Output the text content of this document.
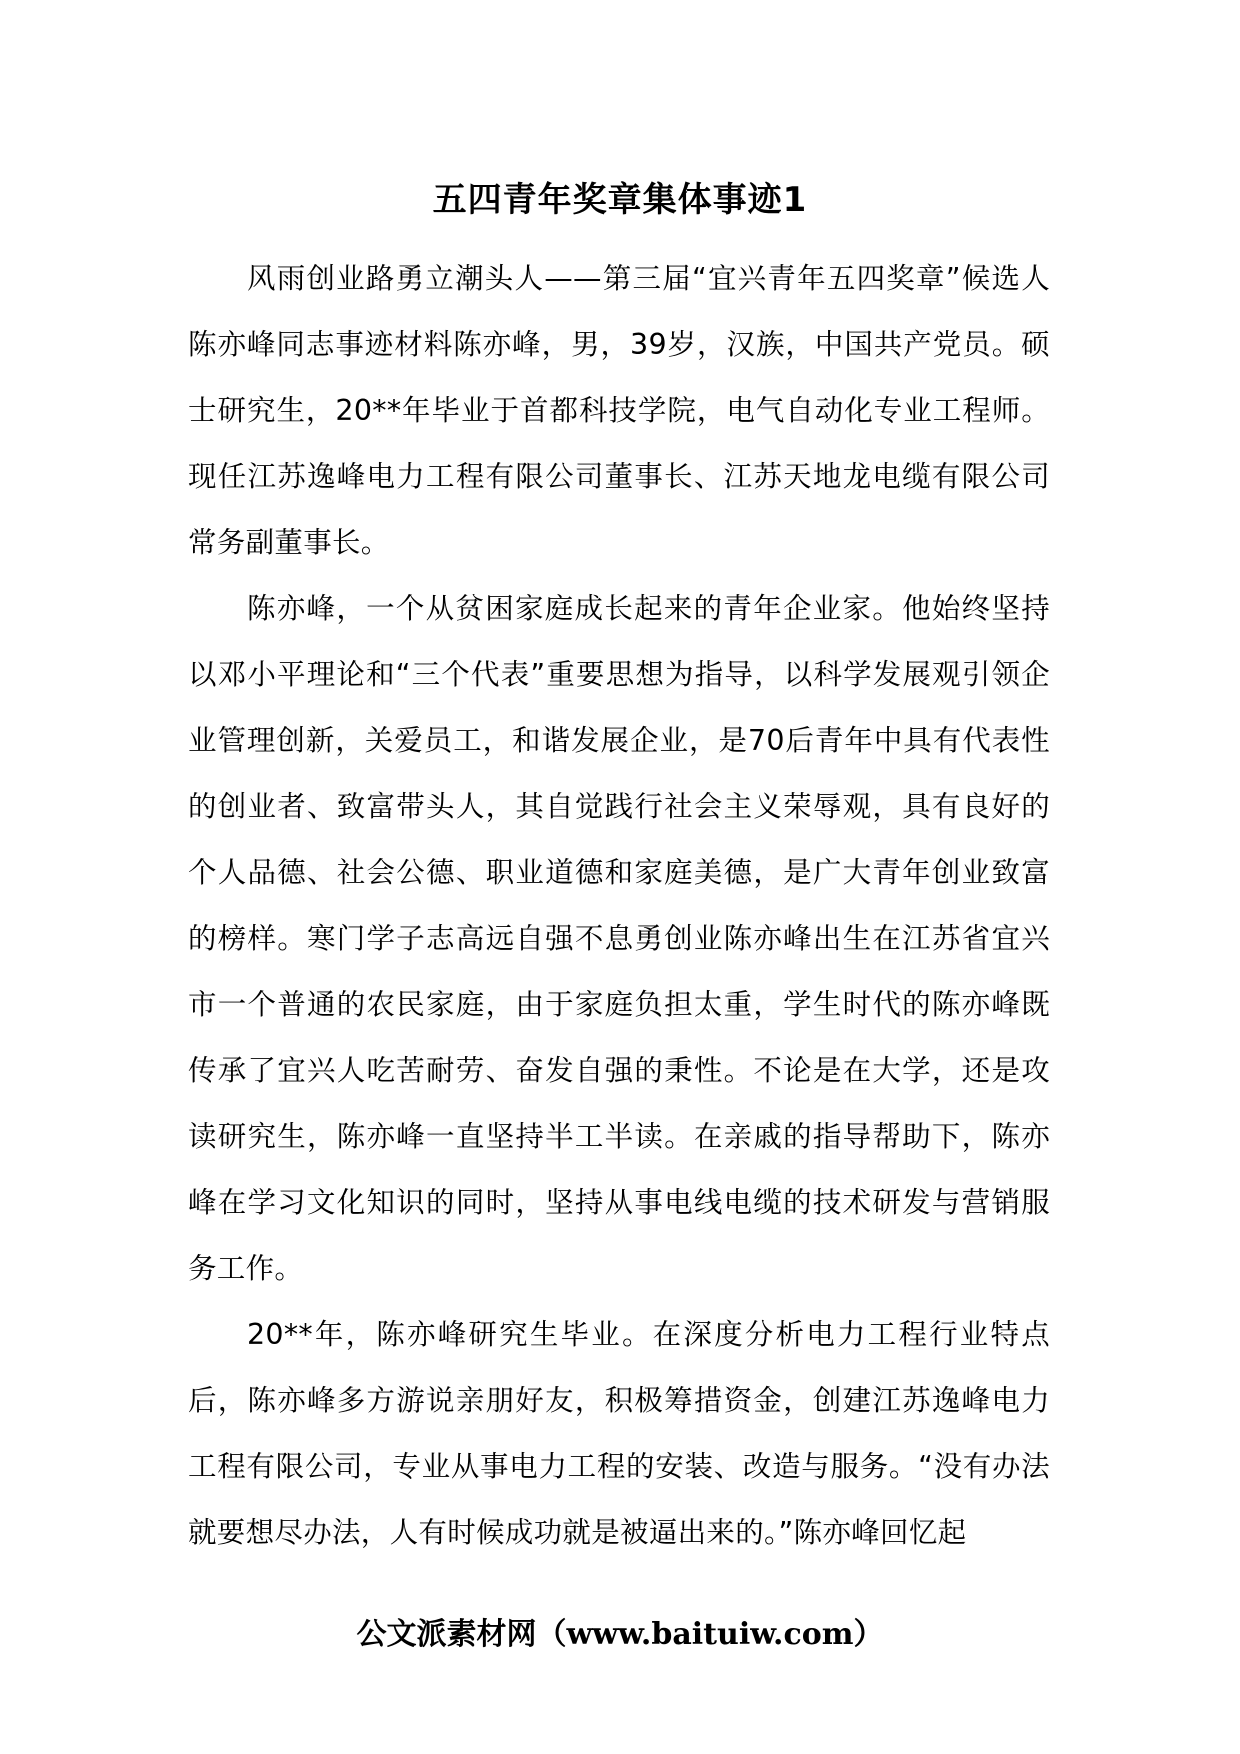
五四青年奖章集体事迹1

风雨创业路勇立潮头人——第三届“宜兴青年五四奖章”候选人陈亦峰同志事迹材料陈亦峰，男，39岁，汉族，中国共产党员。硕士研究生，20**年毕业于首都科技学院，电气自动化专业工程师。现任江苏逸峰电力工程有限公司董事长、江苏天地龙电缆有限公司常务副董事长。

陈亦峰，一个从贫困家庭成长起来的青年企业家。他始终坚持以邓小平理论和“三个代表”重要思想为指导，以科学发展观引领企业管理创新，关爱员工，和谐发展企业，是70后青年中具有代表性的创业者、致富带头人，其自觉践行社会主义荣辱观，具有良好的个人品德、社会公德、职业道德和家庭美德，是广大青年创业致富的榜样。寒门学子志高远自强不息勇创业陈亦峰出生在江苏省宜兴市一个普通的农民家庭，由于家庭负担太重，学生时代的陈亦峰既传承了宜兴人吃苦耐劳、奋发自强的秉性。不论是在大学，还是攻读研究生，陈亦峰一直坚持半工半读。在亲戚的指导帮助下，陈亦峰在学习文化知识的同时，坚持从事电线电缆的技术研发与营销服务工作。

20**年，陈亦峰研究生毕业。在深度分析电力工程行业特点后，陈亦峰多方游说亲朋好友，积极筹措资金，创建江苏逸峰电力工程有限公司，专业从事电力工程的安装、改造与服务。“没有办法就要想尽办法，人有时候成功就是被逼出来的。”陈亦峰回忆起

公文派素材网（www.baituiw.com）
